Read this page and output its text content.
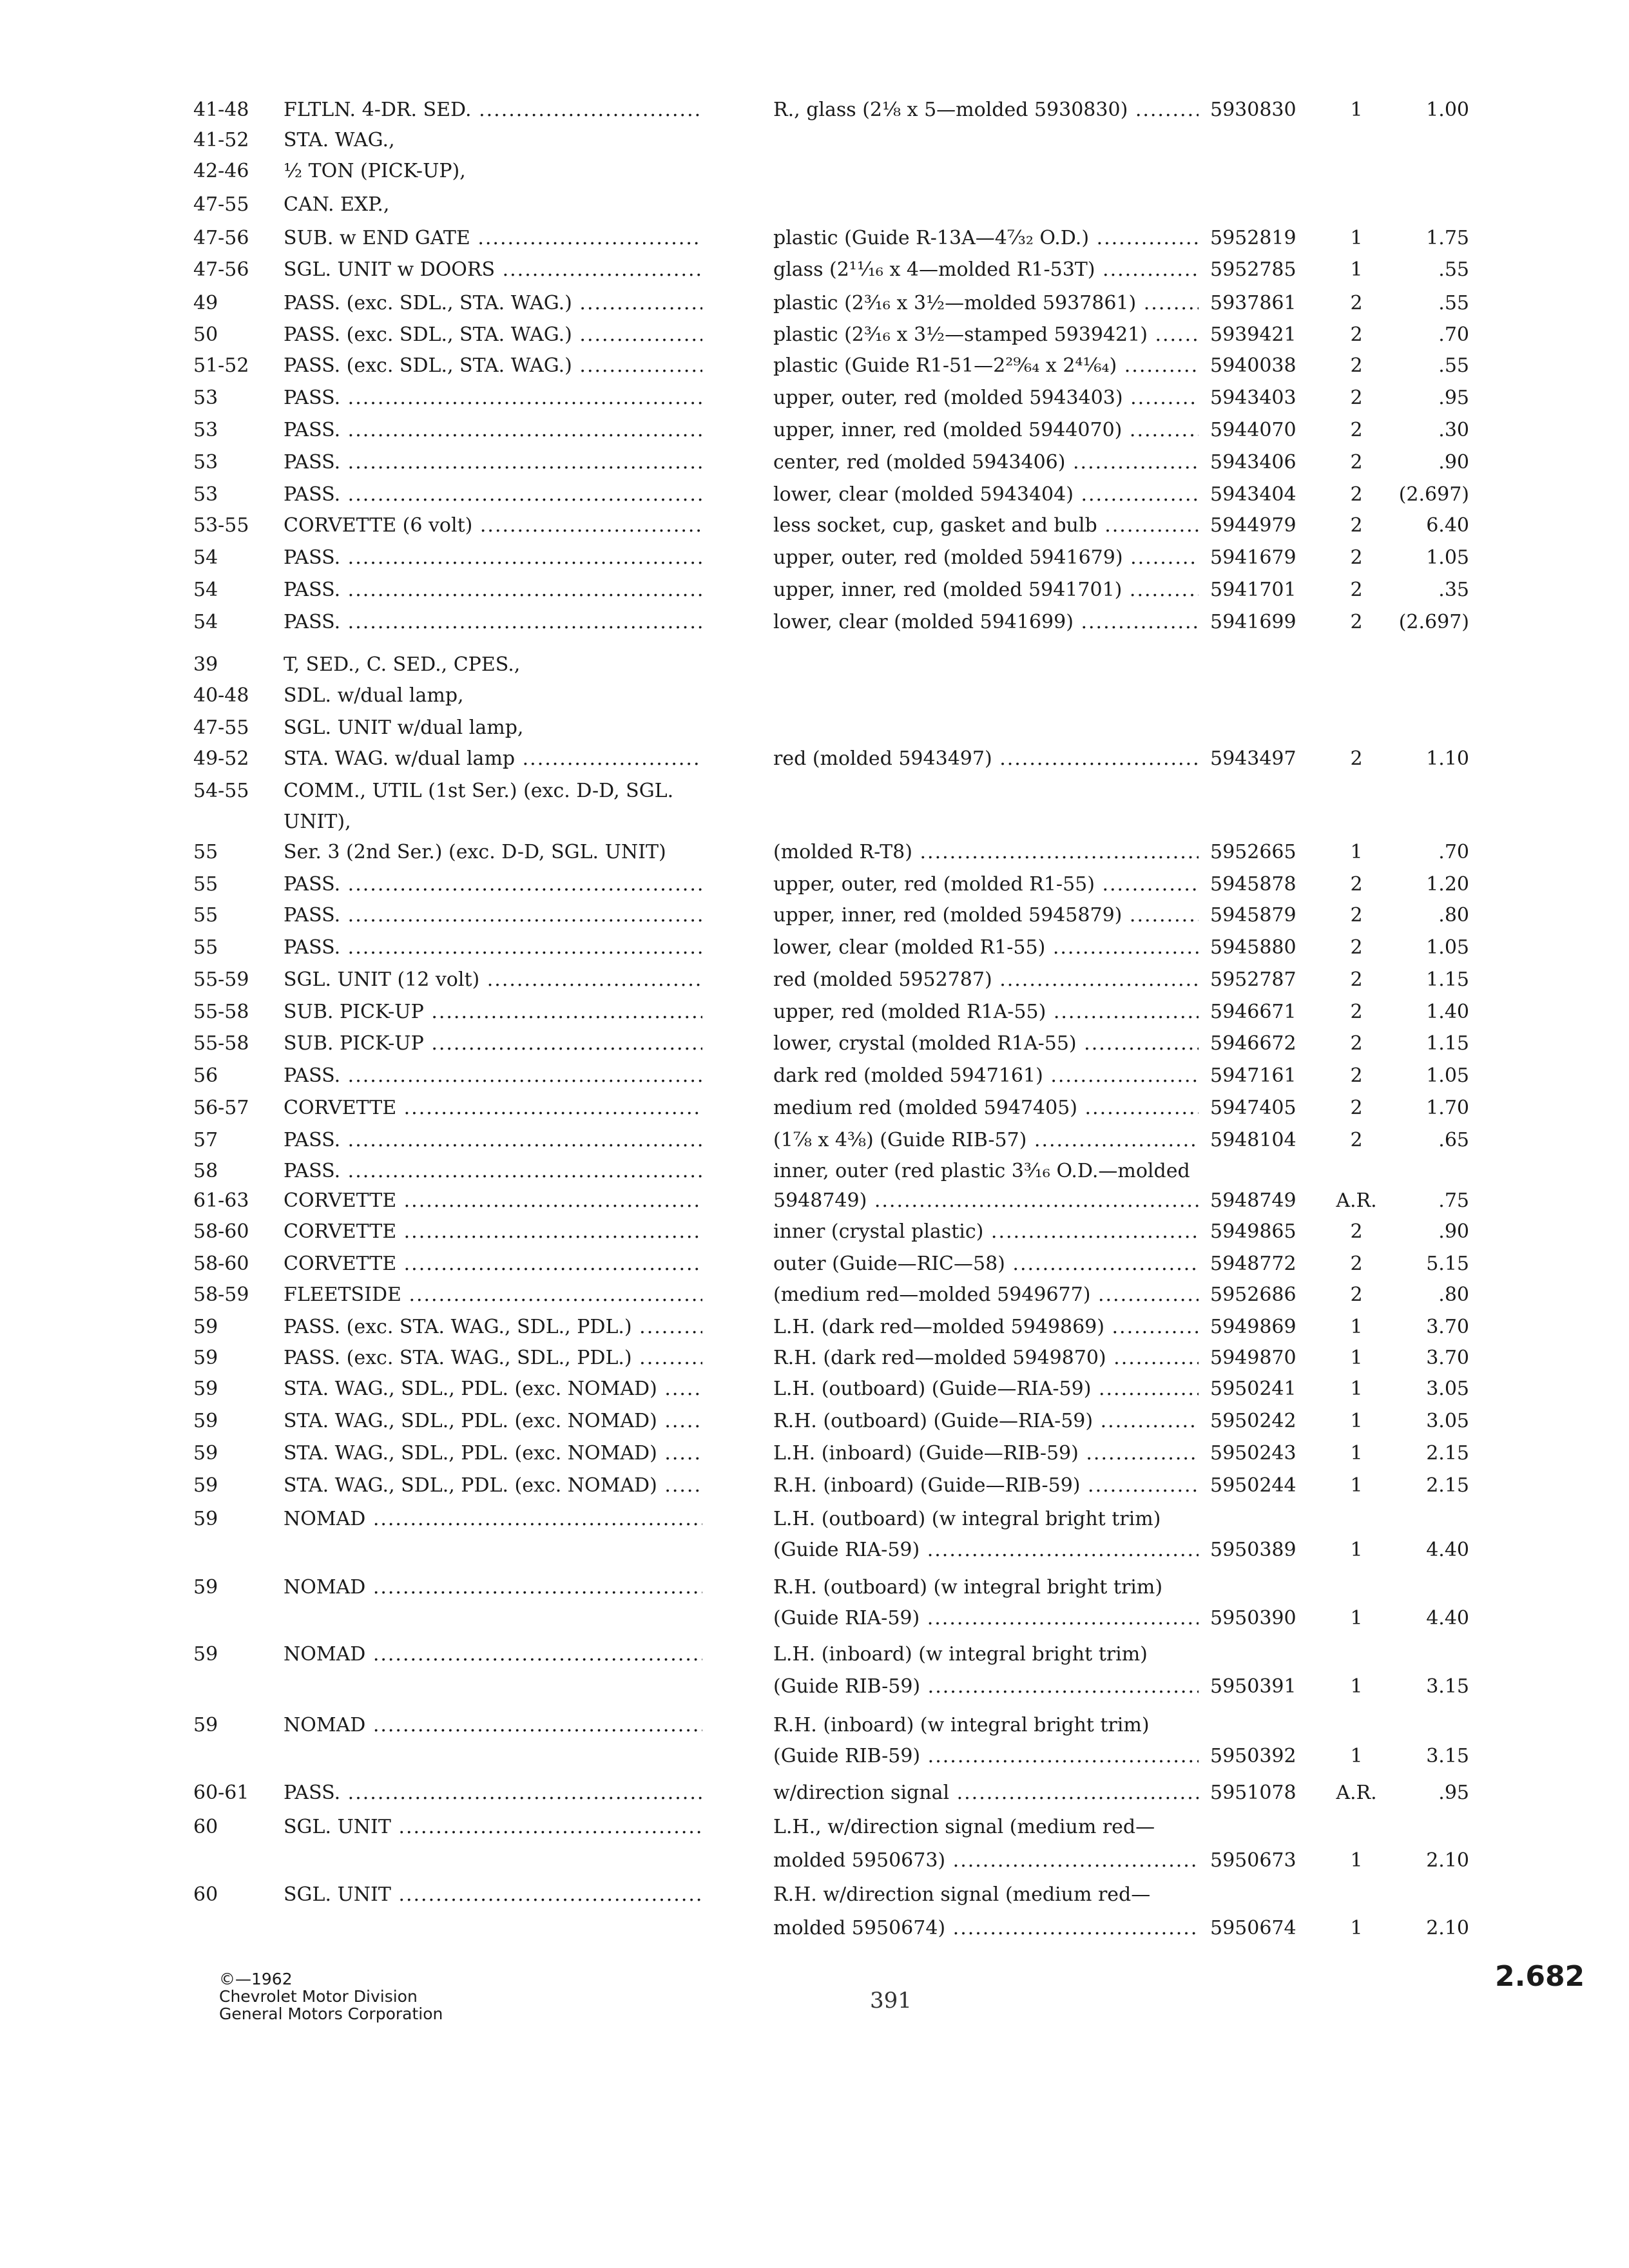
41-48 FLTLN. 4-DR. SED. .....	R., glass (2⅛ x 5—molded 5930830) .....	5930830	1	1.00
41-52 STA. WAG.,
42-46 ½ TON (PICK-UP),
47-55 CAN. EXP.,
47-56 SUB. w END GATE .....	plastic (Guide R-13A—4⁷⁄₃₂ O.D.) .....	5952819	1	1.75
47-56 SGL. UNIT w DOORS .....	glass (2¹¹⁄₁₆ x 4—molded R1-53T) .....	5952785	1	.55
49	PASS. (exc. SDL., STA. WAG.) .....	plastic (2³⁄₁₆ x 3½—molded 5937861) .....	5937861	2	.55
50	PASS. (exc. SDL., STA. WAG.) .....	plastic (2³⁄₁₆ x 3½—stamped 5939421) .....	5939421	2	.70
51-52 PASS. (exc. SDL., STA. WAG.) .....	plastic (Guide R1-51—2²⁹⁄₆₄ x 2⁴¹⁄₆₄) .....	5940038	2	.55
53	PASS. .....	upper, outer, red (molded 5943403) .....	5943403	2	.95
53	PASS. .....	upper, inner, red (molded 5944070) .....	5944070	2	.30
53	PASS. .....	center, red (molded 5943406) .....	5943406	2	.90
53	PASS. .....	lower, clear (molded 5943404) .....	5943404	2	(2.697)
53-55 CORVETTE (6 volt) .....	less socket, cup, gasket and bulb .....	5944979	2	6.40
54	PASS. .....	upper, outer, red (molded 5941679) .....	5941679	2	1.05
54	PASS. .....	upper, inner, red (molded 5941701) .....	5941701	2	.35
54	PASS. .....	lower, clear (molded 5941699) .....	5941699	2	(2.697)
39	T, SED., C. SED., CPES.,
40-48 SDL. w/dual lamp,
47-55 SGL. UNIT w/dual lamp,
49-52 STA. WAG. w/dual lamp .....	red (molded 5943497) .....	5943497	2	1.10
54-55 COMM., UTIL (1st Ser.) (exc. D-D, SGL.
UNIT),
55	Ser. 3 (2nd Ser.) (exc. D-D, SGL. UNIT)	(molded R-T8) .....	5952665	1	.70
55	PASS. .....	upper, outer, red (molded R1-55) .....	5945878	2	1.20
55	PASS. .....	upper, inner, red (molded 5945879) .....	5945879	2	.80
55	PASS. .....	lower, clear (molded R1-55) .....	5945880	2	1.05
55-59 SGL. UNIT (12 volt) .....	red (molded 5952787) .....	5952787	2	1.15
55-58 SUB. PICK-UP .....	upper, red (molded R1A-55) .....	5946671	2	1.40
55-58 SUB. PICK-UP .....	lower, crystal (molded R1A-55) .....	5946672	2	1.15
56	PASS. .....	dark red (molded 5947161) .....	5947161	2	1.05
56-57 CORVETTE .....	medium red (molded 5947405) .....	5947405	2	1.70
57	PASS. .....	(1⁷⁄₈ x 4³⁄₈) (Guide RIB-57) .....	5948104	2	.65
58	PASS. .....	inner, outer (red plastic 3³⁄₁₆ O.D.—molded
61-63 CORVETTE .....	5948749) .....	5948749	A.R.	.75
58-60 CORVETTE .....	inner (crystal plastic) .....	5949865	2	.90
58-60 CORVETTE .....	outer (Guide—RIC—58) .....	5948772	2	5.15
58-59 FLEETSIDE .....	(medium red—molded 5949677) .....	5952686	2	.80
59	PASS. (exc. STA. WAG., SDL., PDL.) .....	L.H. (dark red—molded 5949869) .....	5949869	1	3.70
59	PASS. (exc. STA. WAG., SDL., PDL.) .....	R.H. (dark red—molded 5949870) .....	5949870	1	3.70
59	STA. WAG., SDL., PDL. (exc. NOMAD) .....	L.H. (outboard) (Guide—RIA-59) .....	5950241	1	3.05
59	STA. WAG., SDL., PDL. (exc. NOMAD) .....	R.H. (outboard) (Guide—RIA-59) .....	5950242	1	3.05
59	STA. WAG., SDL., PDL. (exc. NOMAD) .....	L.H. (inboard) (Guide—RIB-59) .....	5950243	1	2.15
59	STA. WAG., SDL., PDL. (exc. NOMAD) .....	R.H. (inboard) (Guide—RIB-59) .....	5950244	1	2.15
59	NOMAD .....	L.H. (outboard) (w integral bright trim)
(Guide RIA-59) .....	5950389	1	4.40
59	NOMAD .....	R.H. (outboard) (w integral bright trim)
(Guide RIA-59) .....	5950390	1	4.40
59	NOMAD .....	L.H. (inboard) (w integral bright trim)
(Guide RIB-59) .....	5950391	1	3.15
59	NOMAD .....	R.H. (inboard) (w integral bright trim)
(Guide RIB-59) .....	5950392	1	3.15
60-61 PASS. .....	w/direction signal .....	5951078	A.R.	.95
60	SGL. UNIT .....	L.H., w/direction signal (medium red—
molded 5950673) .....	5950673	1	2.10
60	SGL. UNIT .....	R.H. w/direction signal (medium red—
molded 5950674) .....	5950674	1	2.10
©—1962
Chevrolet Motor Division
General Motors Corporation
391
2.682
